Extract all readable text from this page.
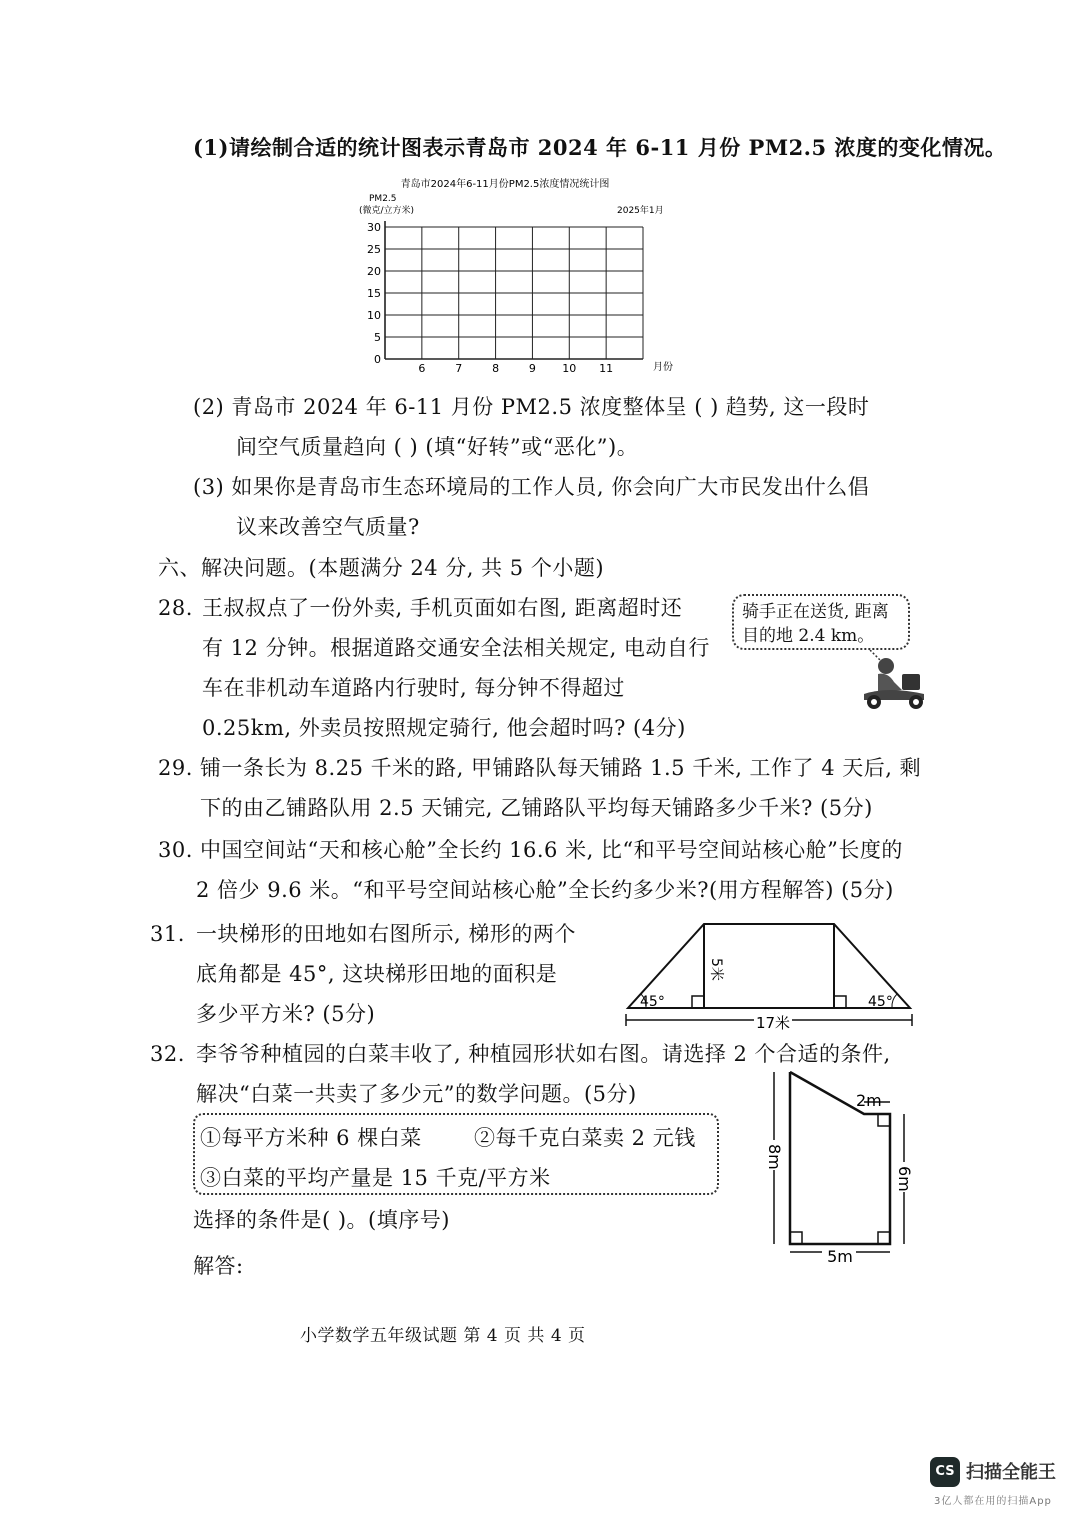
(1)请绘制合适的统计图表示青岛市 2024 年 6-11 月份 PM2.5 浓度的变化情况。
青岛市2024年6-11月份PM2.5浓度情况统计图
PM2.5
(微克/立方米)	2025年1月
0
5
10
15
20
25
30
6	7	8	9 10 11	月份
(2) 青岛市 2024 年 6-11 月份 PM2.5 浓度整体呈 ( ) 趋势, 这一段时
间空气质量趋向 ( ) (填“好转”或“恶化”)。
(3) 如果你是青岛市生态环境局的工作人员, 你会向广大市民发出什么倡
议来改善空气质量?
六、解决问题。(本题满分 24 分, 共 5 个小题)
28. 王叔叔点了一份外卖, 手机页面如右图, 距离超时还
有 12 分钟。根据道路交通安全法相关规定, 电动自行
车在非机动车道路内行驶时, 每分钟不得超过
0.25km, 外卖员按照规定骑行, 他会超时吗? (4分)
骑手正在送货, 距离目的地 2.4 km。
29. 铺一条长为 8.25 千米的路, 甲铺路队每天铺路 1.5 千米, 工作了 4 天后, 剩
下的由乙铺路队用 2.5 天铺完, 乙铺路队平均每天铺路多少千米? (5分)
30. 中国空间站“天和核心舱”全长约 16.6 米, 比“和平号空间站核心舱”长度的
2 倍少 9.6 米。“和平号空间站核心舱”全长约多少米?(用方程解答) (5分)
31. 一块梯形的田地如右图所示, 梯形的两个
底角都是 45°, 这块梯形田地的面积是
多少平方米? (5分)	45°	45°
5米
17米
32. 李爷爷种植园的白菜丰收了, 种植园形状如右图。请选择 2 个合适的条件,
解决“白菜一共卖了多少元”的数学问题。(5分)
①每平方米种 6 棵白菜 ②每千克白菜卖 2 元钱
③白菜的平均产量是 15 千克/平方米
选择的条件是( )。(填序号)
解答:
2m
8m
6m
5m
小学数学五年级试题 第 4 页 共 4 页
CS 扫描全能王
3亿人都在用的扫描App
